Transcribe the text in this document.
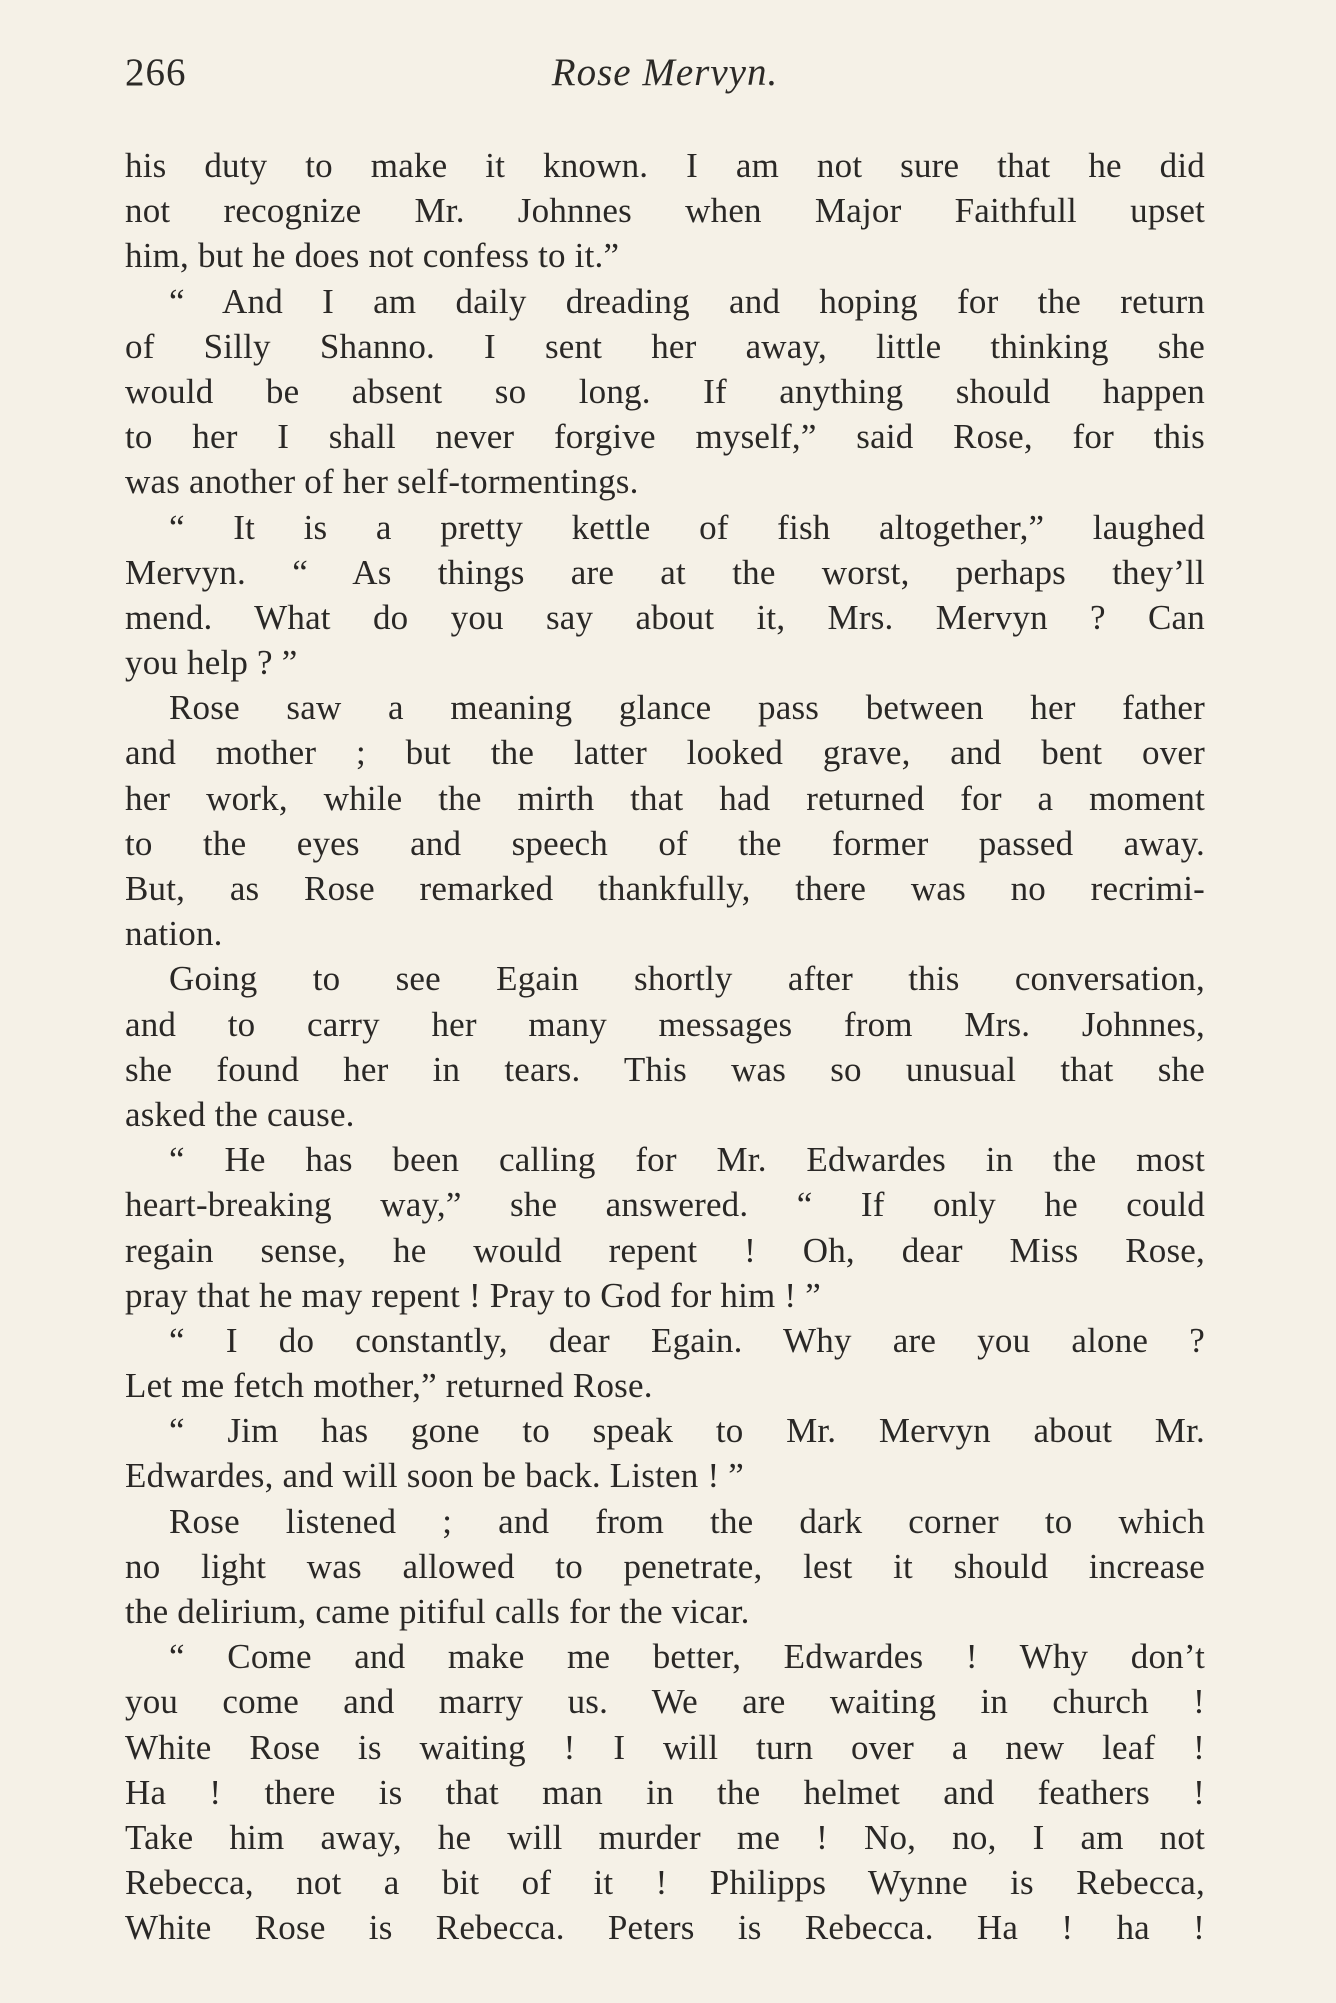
266	Rose Mervyn.
his duty to make it known. I am not sure that he did
not recognize Mr. Johnnes when Major Faithfull upset
him, but he does not confess to it.”
“ And I am daily dreading and hoping for the return
of Silly Shanno. I sent her away, little thinking she
would be absent so long. If anything should happen
to her I shall never forgive myself,” said Rose, for this
was another of her self-tormentings.
“ It is a pretty kettle of fish altogether,” laughed
Mervyn. “ As things are at the worst, perhaps they’ll
mend. What do you say about it, Mrs. Mervyn ? Can
you help ? ”
Rose saw a meaning glance pass between her father
and mother ; but the latter looked grave, and bent over
her work, while the mirth that had returned for a moment
to the eyes and speech of the former passed away.
But, as Rose remarked thankfully, there was no recrimi-
nation.
Going to see Egain shortly after this conversation,
and to carry her many messages from Mrs. Johnnes,
she found her in tears. This was so unusual that she
asked the cause.
“ He has been calling for Mr. Edwardes in the most
heart-breaking way,” she answered. “ If only he could
regain sense, he would repent ! Oh, dear Miss Rose,
pray that he may repent ! Pray to God for him ! ”
“ I do constantly, dear Egain. Why are you alone ?
Let me fetch mother,” returned Rose.
“ Jim has gone to speak to Mr. Mervyn about Mr.
Edwardes, and will soon be back. Listen ! ”
Rose listened ; and from the dark corner to which
no light was allowed to penetrate, lest it should increase
the delirium, came pitiful calls for the vicar.
“ Come and make me better, Edwardes ! Why don’t
you come and marry us. We are waiting in church !
White Rose is waiting ! I will turn over a new leaf !
Ha ! there is that man in the helmet and feathers !
Take him away, he will murder me ! No, no, I am not
Rebecca, not a bit of it ! Philipps Wynne is Rebecca,
White Rose is Rebecca. Peters is Rebecca. Ha ! ha !
